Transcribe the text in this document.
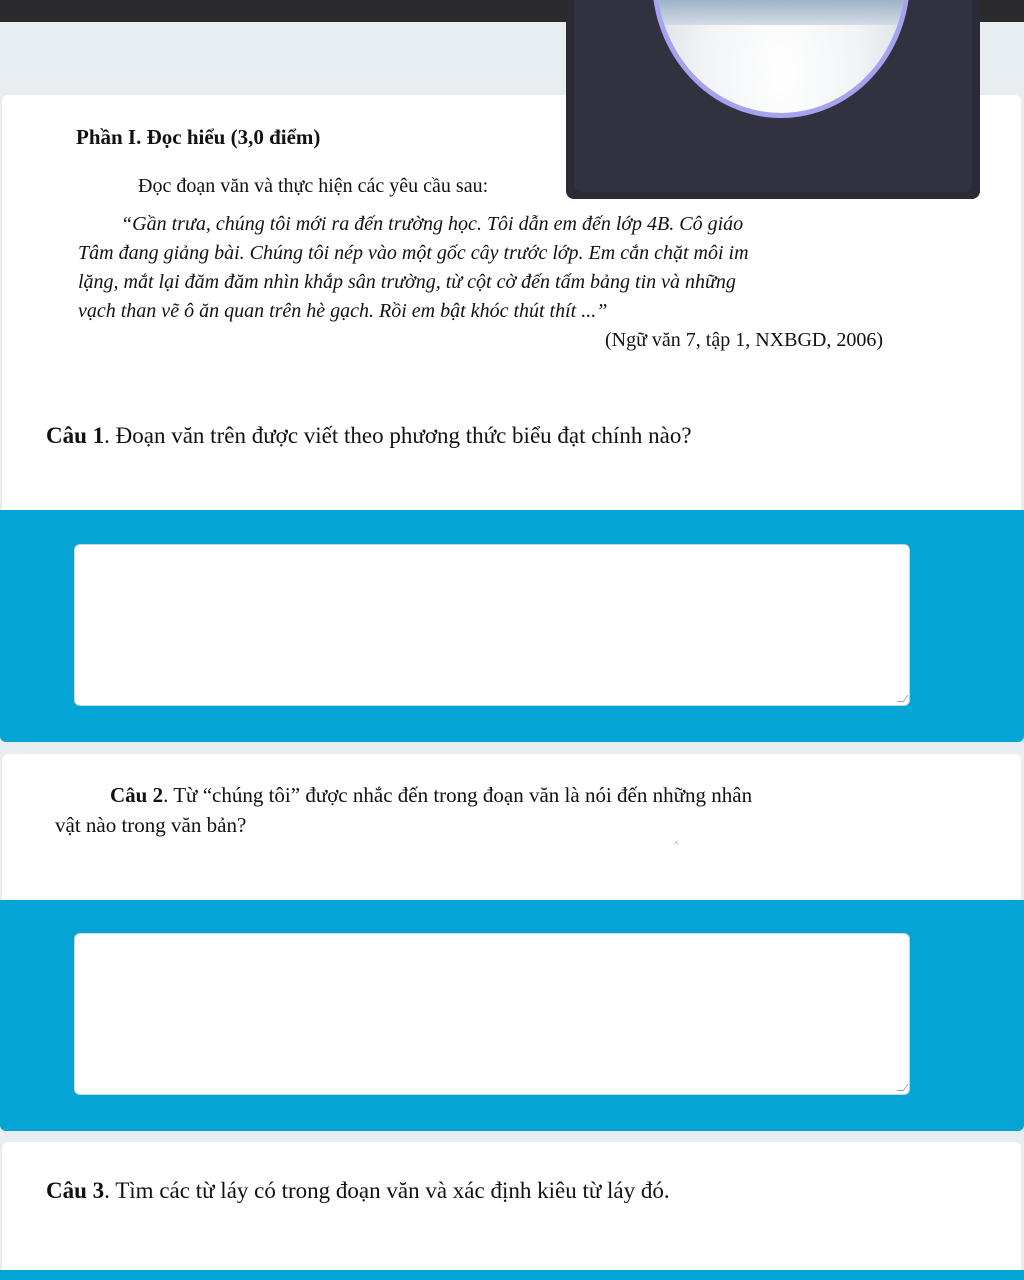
Phần I. Đọc hiểu (3,0 điểm)
Đọc đoạn văn và thực hiện các yêu cầu sau:
“Gần trưa, chúng tôi mới ra đến trường học. Tôi dẫn em đến lớp 4B. Cô giáo
Tâm đang giảng bài. Chúng tôi nép vào một gốc cây trước lớp. Em cắn chặt môi im
lặng, mắt lại đăm đăm nhìn khắp sân trường, từ cột cờ đến tấm bảng tin và những
vạch than vẽ ô ăn quan trên hè gạch. Rồi em bật khóc thút thít ...”
(Ngữ văn 7, tập 1, NXBGD, 2006)
Câu 1. Đoạn văn trên được viết theo phương thức biểu đạt chính nào?
Câu 2. Từ “chúng tôi” được nhắc đến trong đoạn văn là nói đến những nhân
vật nào trong văn bản?
˄
Câu 3. Tìm các từ láy có trong đoạn văn và xác định kiêu từ láy đó.
